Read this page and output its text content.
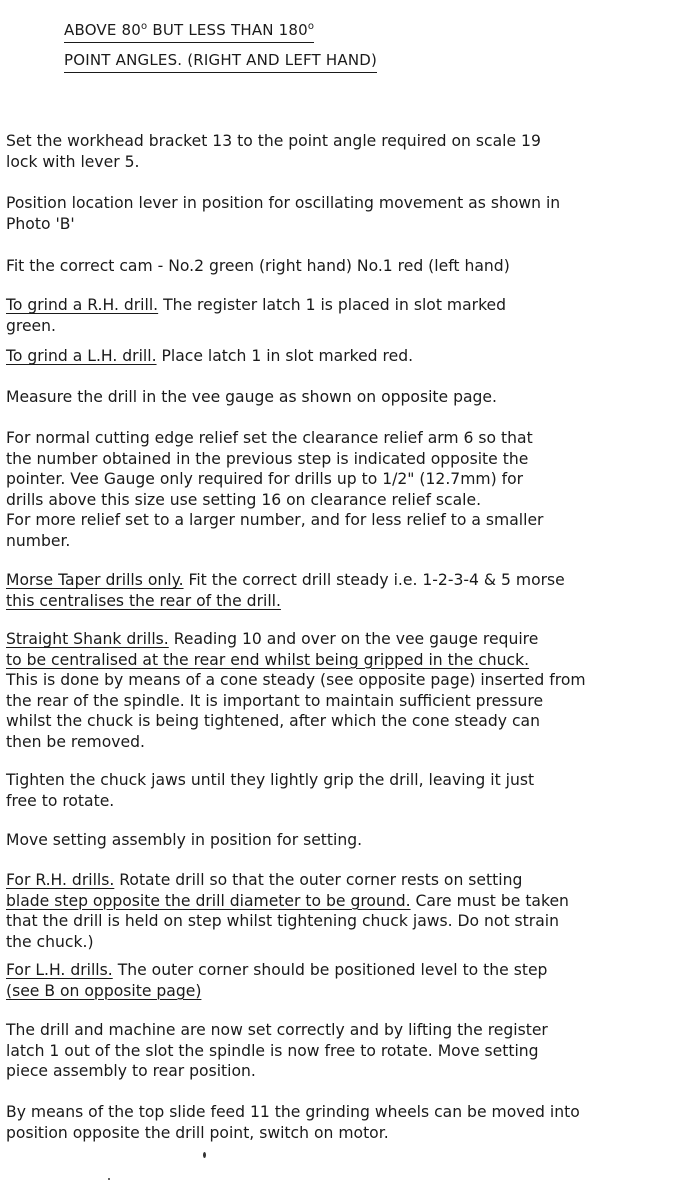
ABOVE 80$^o$ BUT LESS THAN 180$^o$
POINT ANGLES. (RIGHT AND LEFT HAND)

Set the workhead bracket 13 to the point angle required on scale 19
lock with lever 5.

Position location lever in position for oscillating movement as shown in
Photo 'B'

Fit the correct cam - No.2 green (right hand) No.1 red (left hand)

To grind a R.H. drill. The register latch 1 is placed in slot marked
green.

To grind a L.H. drill. Place latch 1 in slot marked red.

Measure the drill in the vee gauge as shown on opposite page.

For normal cutting edge relief set the clearance relief arm 6 so that
the number obtained in the previous step is indicated opposite the
pointer. Vee Gauge only required for drills up to 1/2" (12.7mm) for
drills above this size use setting 16 on clearance relief scale.
For more relief set to a larger number, and for less relief to a smaller
number.

Morse Taper drills only. Fit the correct drill steady i.e. 1-2-3-4 & 5 morse
this centralises the rear of the drill.

Straight Shank drills. Reading 10 and over on the vee gauge require
to be centralised at the rear end whilst being gripped in the chuck.
This is done by means of a cone steady (see opposite page) inserted from
the rear of the spindle. It is important to maintain sufficient pressure
whilst the chuck is being tightened, after which the cone steady can
then be removed.

Tighten the chuck jaws until they lightly grip the drill, leaving it just
free to rotate.

Move setting assembly in position for setting.

For R.H. drills. Rotate drill so that the outer corner rests on setting
blade step opposite the drill diameter to be ground. Care must be taken
that the drill is held on step whilst tightening chuck jaws. Do not strain
the chuck.)

For L.H. drills. The outer corner should be positioned level to the step
(see B on opposite page)

The drill and machine are now set correctly and by lifting the register
latch 1 out of the slot the spindle is now free to rotate. Move setting
piece assembly to rear position.

By means of the top slide feed 11 the grinding wheels can be moved into
position opposite the drill point, switch on motor.
